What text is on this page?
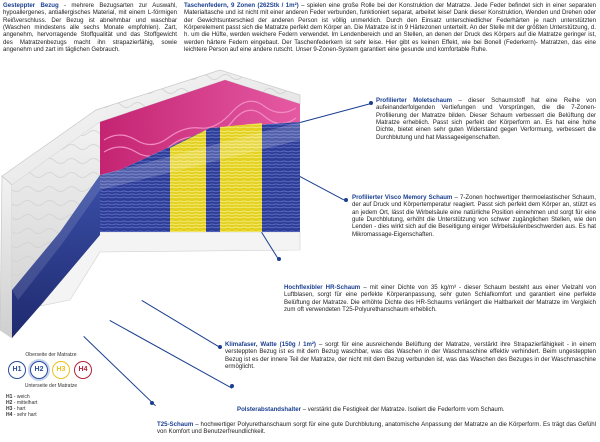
Gesteppter Bezug - mehrere Bezugsarten zur Auswahl, hypoallergenes, antiallergisches Material, mit einem L-förmigen Reißverschluss. Der Bezug ist abnehmbar und waschbar (Waschen mindestens alle sechs Monate empfohlen). Zart, angenehm, hervorragende Stoffqualität und das Stoffgewicht des Matratzenbezugs macht ihn strapazierfähig, sowie angenehm und zart im täglichen Gebrauch.
Taschenfedern, 9 Zonen (262Stk / 1m²) – spielen eine große Rolle bei der Konstruktion der Matratze. Jede Feder befindet sich in einer separaten Materialtasche und ist nicht mit einer anderen Feder verbunden, funktioniert separat, arbeitet leise! Dank dieser Konstruktion, Wenden und Drehen oder der Gewichtsunterschied der anderen Person ist völlig unmerklich. Durch den Einsatz unterschiedlicher Federhärten je nach unterstützten Körperelement passt sich die Matratze perfekt dem Körper an. Die Matratze ist in 9 Härtezonen unterteilt. An der Stelle mit der größten Unterstützung, d. h. um die Hüfte, werden weichere Federn verwendet. Im Lendenbereich und an Stellen, an denen der Druck des Körpers auf die Matratze geringer ist, werden härtere Federn eingebaut. Der Taschenfederkern ist sehr leise. Hier gibt es keinen Effekt, wie bei Bonell (Federkern)- Matratzen, das eine leichtere Person auf eine andere rutscht. Unser 9-Zonen-System garantiert eine gesunde und komfortable Ruhe.
Profilierter Moletschaum – dieser Schaumstoff hat eine Reihe von aufeinanderfolgenden Vertiefungen und Vorsprüngen, die die 7-Zonen-Profilierung der Matratze bilden. Dieser Schaum verbessert die Belüftung der Matratze erheblich. Passt sich perfekt der Körperform an. Es hat eine hohe Dichte, bietet einen sehr guten Widerstand gegen Verformung, verbessert die Durchblutung und hat Massageeigenschaften.
Profilierter Visco Memory Schaum – 7-Zonen hochwertiger thermoelastischer Schaum, der auf Druck und Körpertemperatur reagiert. Passt sich perfekt dem Körper an, stützt es an jedem Ort, lässt die Wirbelsäule eine natürliche Position einnehmen und sorgt für eine gute Durchblutung, erhöht die Unterstützung von schwer zugänglichen Stellen, wie den Lenden - dies wirkt sich auf die Beseitigung einiger Wirbelsäulenbeschwerden aus. Es hat Mikromassage-Eigenschaften.
Hochflexibler HR-Schaum – mit einer Dichte von 35 kg/m³ - dieser Schaum besteht aus einer Vielzahl von Luftblasen, sorgt für eine perfekte Körperanpassung, sehr guten Schlafkomfort und garantiert eine perfekte Belüftung der Matratze. Die erhöhte Dichte des HR-Schaums verlängert die Haltbarkeit der Matratze im Vergleich zum oft verwendeten T25-Polyurethanschaum erheblich.
Klimafaser, Watte (150g / 1m²) – sorgt für eine ausreichende Belüftung der Matratze, verstärkt ihre Strapazierfähigkeit - in einem versteppten Bezug ist es mit dem Bezug waschbar, was das Waschen in der Waschmaschine effektiv verhindert. Beim ungesteppten Bezug ist es der innere Teil der Matratze, der nicht mit dem Bezug verbunden ist, was das Waschen des Bezuges in der Waschmaschine ermöglicht.
Polsterabstandshalter – verstärkt die Festigkeit der Matratze. Isoliert die Federform vom Schaum.
T25-Schaum – hochwertiger Polyurethanschaum sorgt für eine gute Durchblutung, anatomische Anpassung der Matratze an die Körperform. Es trägt das Gefühl von Komfort und Benutzerfreundlichkeit.
Oberseite der Matratze
H1	H2	H3	H4
Unterseite der Matratze
H1 - weich
H2 - mittelhart
H3 - hart
H4 - sehr hart
